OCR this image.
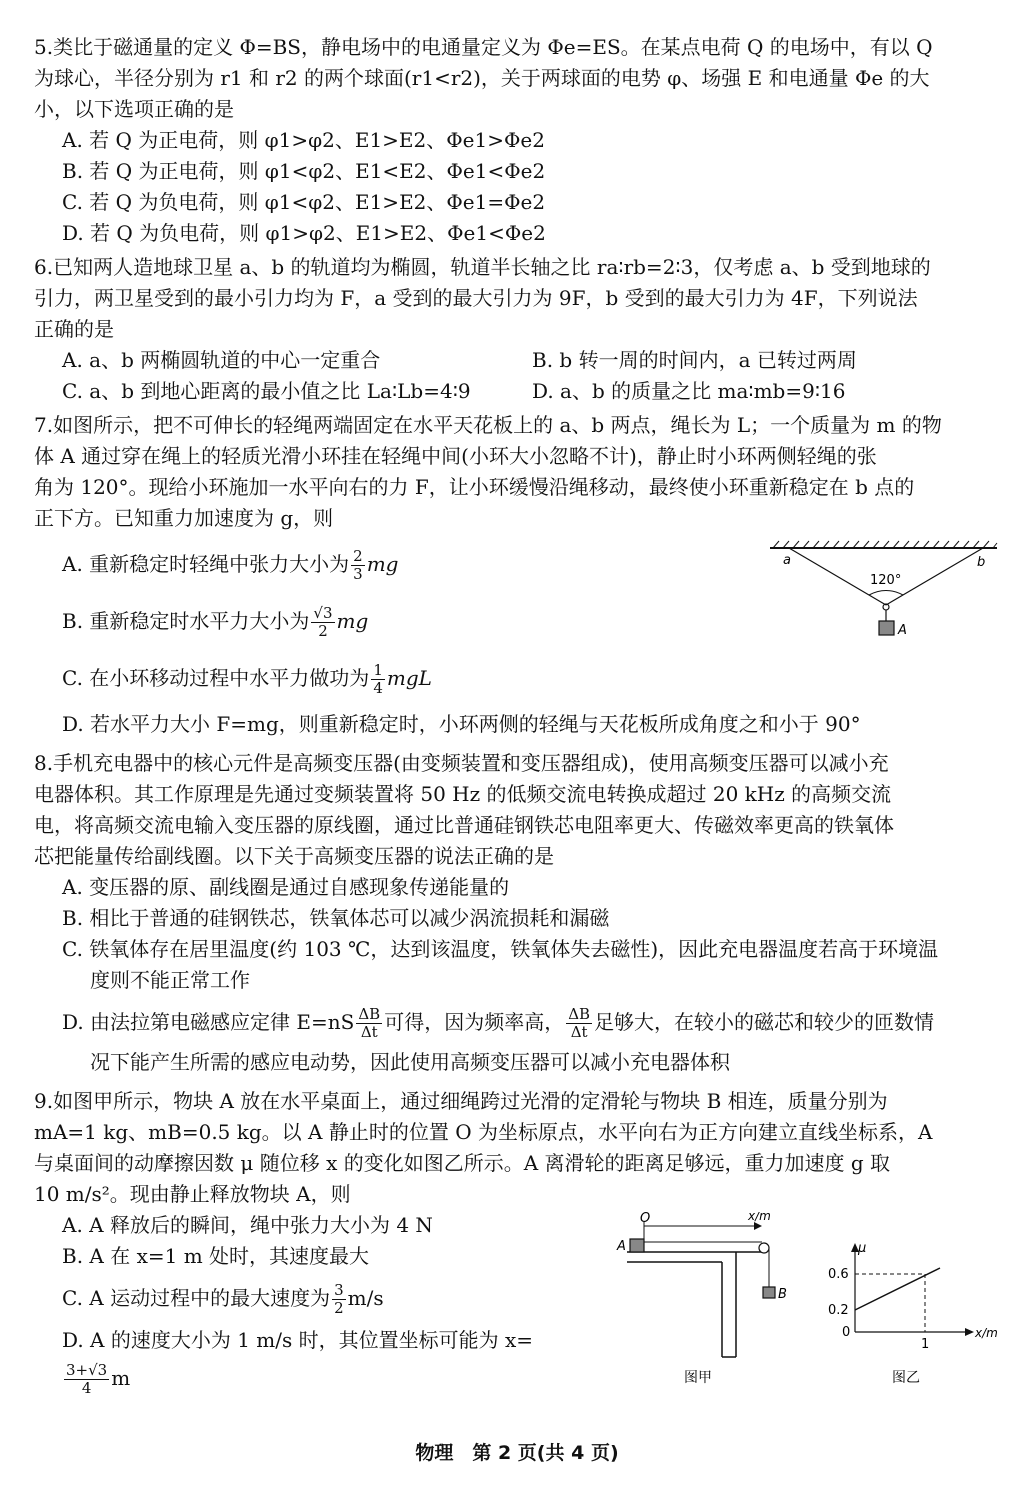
5.类比于磁通量的定义 Φ=BS，静电场中的电通量定义为 Φe=ES。在某点电荷 Q 的电场中，有以 Q
为球心，半径分别为 r1 和 r2 的两个球面(r1<r2)，关于两球面的电势 φ、场强 E 和电通量 Φe 的大
小，以下选项正确的是
A. 若 Q 为正电荷，则 φ1>φ2、E1>E2、Φe1>Φe2
B. 若 Q 为正电荷，则 φ1<φ2、E1<E2、Φe1<Φe2
C. 若 Q 为负电荷，则 φ1<φ2、E1>E2、Φe1=Φe2
D. 若 Q 为负电荷，则 φ1>φ2、E1>E2、Φe1<Φe2
6.已知两人造地球卫星 a、b 的轨道均为椭圆，轨道半长轴之比 ra∶rb=2∶3，仅考虑 a、b 受到地球的
引力，两卫星受到的最小引力均为 F，a 受到的最大引力为 9F，b 受到的最大引力为 4F，下列说法
正确的是
A. a、b 两椭圆轨道的中心一定重合	B. b 转一周的时间内，a 已转过两周
C. a、b 到地心距离的最小值之比 La∶Lb=4∶9	D. a、b 的质量之比 ma∶mb=9∶16
7.如图所示，把不可伸长的轻绳两端固定在水平天花板上的 a、b 两点，绳长为 L；一个质量为 m 的物
体 A 通过穿在绳上的轻质光滑小环挂在轻绳中间(小环大小忽略不计)，静止时小环两侧轻绳的张
角为 120°。现给小环施加一水平向右的力 F，让小环缓慢沿绳移动，最终使小环重新稳定在 b 点的
正下方。已知重力加速度为 g，则
A. 重新稳定时轻绳中张力大小为 $\frac{2}{3}$ mg
B. 重新稳定时水平力大小为 $\frac{√3}{2}$ mg
C. 在小环移动过程中水平力做功为 $\frac{1}{4}$ mgL
D. 若水平力大小 F=mg，则重新稳定时，小环两侧的轻绳与天花板所成角度之和小于 90°
a	b
120°
A
8.手机充电器中的核心元件是高频变压器(由变频装置和变压器组成)，使用高频变压器可以减小充
电器体积。其工作原理是先通过变频装置将 50 Hz 的低频交流电转换成超过 20 kHz 的高频交流
电，将高频交流电输入变压器的原线圈，通过比普通硅钢铁芯电阻率更大、传磁效率更高的铁氧体
芯把能量传给副线圈。以下关于高频变压器的说法正确的是
A. 变压器的原、副线圈是通过自感现象传递能量的
B. 相比于普通的硅钢铁芯，铁氧体芯可以减少涡流损耗和漏磁
C. 铁氧体存在居里温度(约 103 ℃，达到该温度，铁氧体失去磁性)，因此充电器温度若高于环境温
度则不能正常工作
D. 由法拉第电磁感应定律 $E=nS \frac{\Delta B}{\Delta t}$ 可得，因为频率高， $\frac{\Delta B}{\Delta t}$ 足够大，在较小的磁芯和较少的匝数情
况下能产生所需的感应电动势，因此使用高频变压器可以减小充电器体积
9.如图甲所示，物块 A 放在水平桌面上，通过细绳跨过光滑的定滑轮与物块 B 相连，质量分别为
mA=1 kg、mB=0.5 kg。以 A 静止时的位置 O 为坐标原点，水平向右为正方向建立直线坐标系，A
与桌面间的动摩擦因数 μ 随位移 x 的变化如图乙所示。A 离滑轮的距离足够远，重力加速度 g 取
10 m/s²。现由静止释放物块 A，则
A. A 释放后的瞬间，绳中张力大小为 4 N
B. A 在 x=1 m 处时，其速度最大
C. A 运动过程中的最大速度为 $\frac{3}{2} m/s$
D. A 的速度大小为 1 m/s 时，其位置坐标可能为 x=
$\frac{3+√3}{4}$ m
O	x/m
A
B
图甲
μ
0.6
0.2
0
1
x/m
图乙
物理　第 2 页(共 4 页)
